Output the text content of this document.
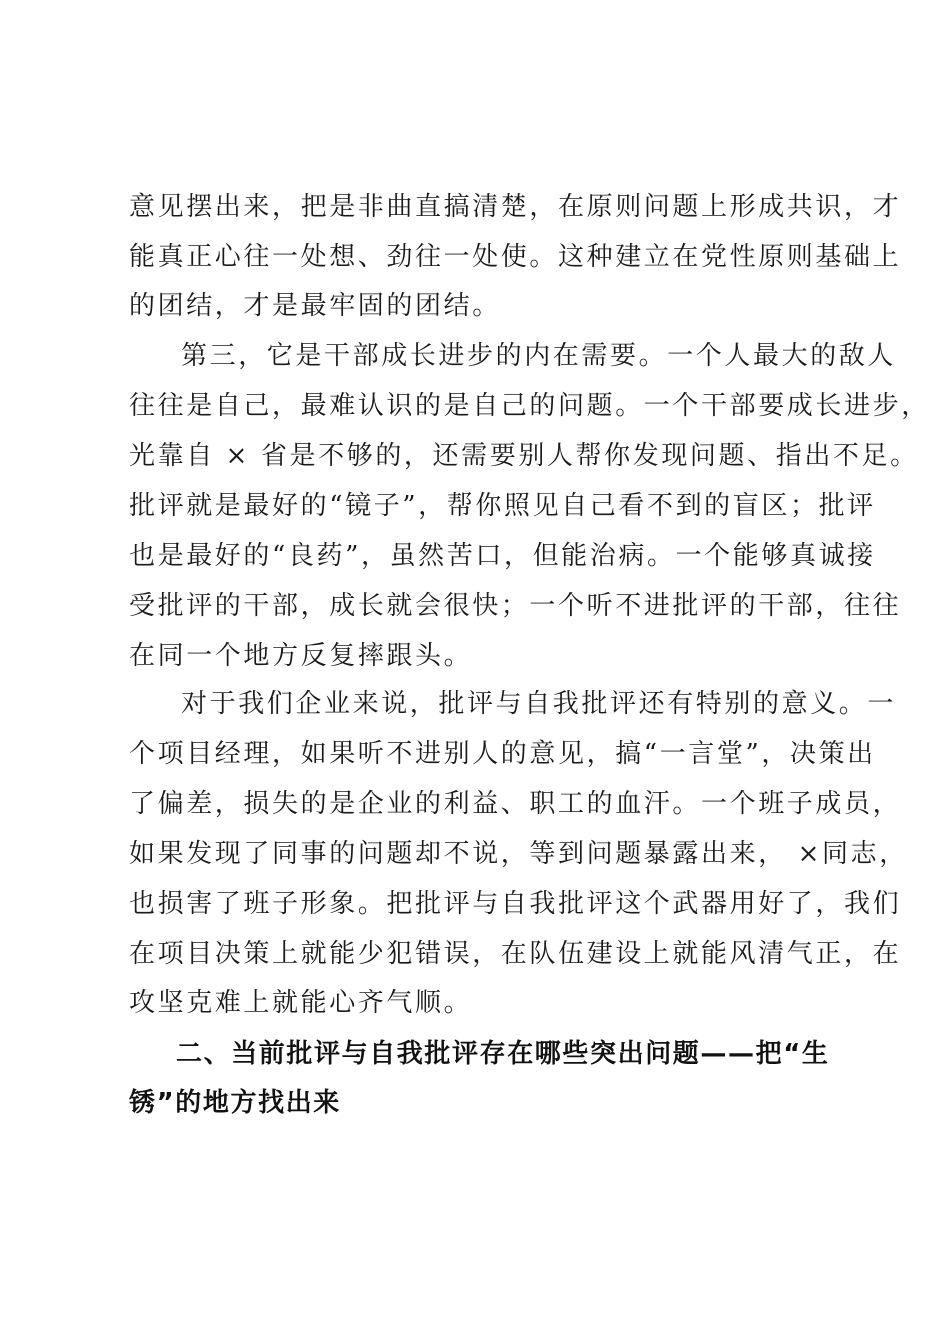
意见摆出来，把是非曲直搞清楚，在原则问题上形成共识，才
能真正心往一处想、劲往一处使。这种建立在党性原则基础上
的团结，才是最牢固的团结。
第三，它是干部成长进步的内在需要。一个人最大的敌人
往往是自己，最难认识的是自己的问题。一个干部要成长进步，
光靠自 × 省是不够的，还需要别人帮你发现问题、指出不足。
批评就是最好的“镜子”，帮你照见自己看不到的盲区；批评
也是最好的“良药”，虽然苦口，但能治病。一个能够真诚接
受批评的干部，成长就会很快；一个听不进批评的干部，往往
在同一个地方反复摔跟头。
对于我们企业来说，批评与自我批评还有特别的意义。一
个项目经理，如果听不进别人的意见，搞“一言堂”，决策出
了偏差，损失的是企业的利益、职工的血汗。一个班子成员，
如果发现了同事的问题却不说，等到问题暴露出来， ×同志，
也损害了班子形象。把批评与自我批评这个武器用好了，我们
在项目决策上就能少犯错误，在队伍建设上就能风清气正，在
攻坚克难上就能心齐气顺。
二、当前批评与自我批评存在哪些突出问题——把“生
锈”的地方找出来
